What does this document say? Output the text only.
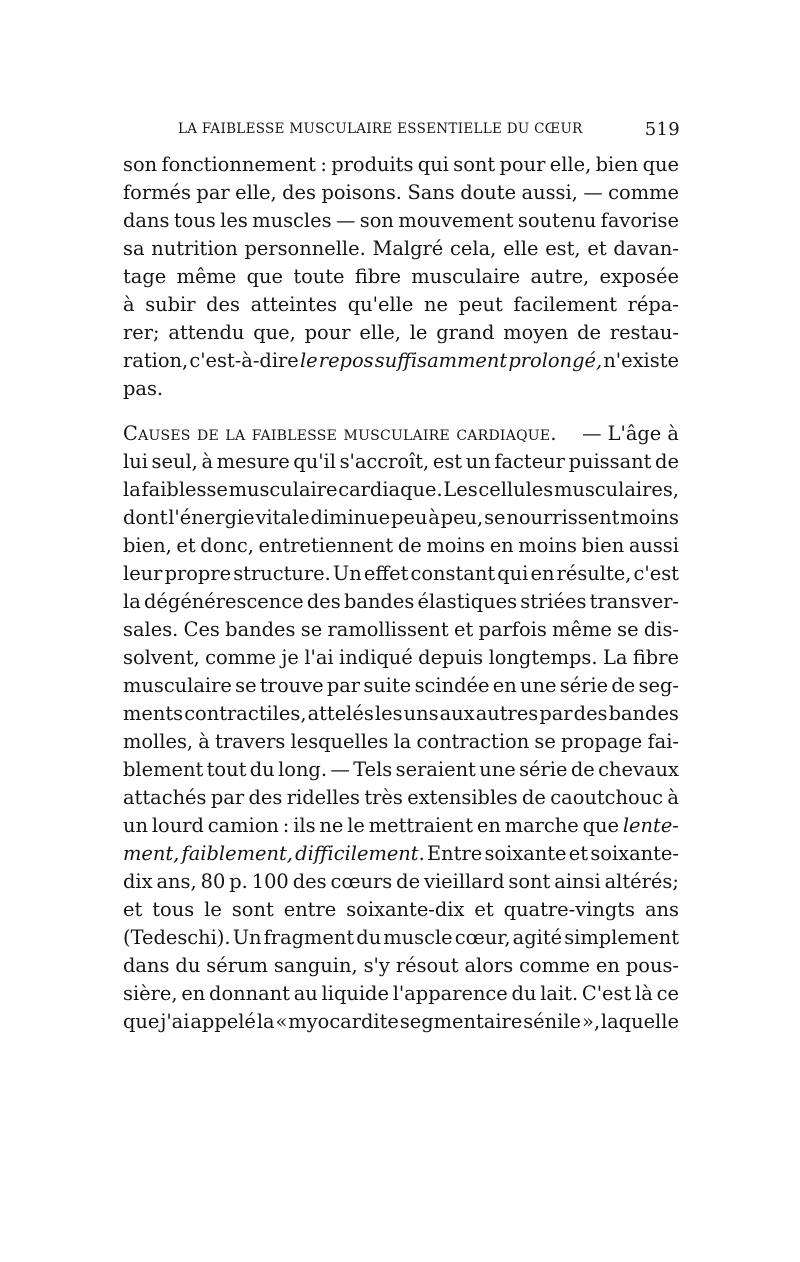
LA FAIBLESSE MUSCULAIRE ESSENTIELLE DU CŒUR	519
son fonctionnement : produits qui sont pour elle, bien que
formés par elle, des poisons. Sans doute aussi, — comme
dans tous les muscles — son mouvement soutenu favorise
sa nutrition personnelle. Malgré cela, elle est, et davan-
tage même que toute fibre musculaire autre, exposée
à subir des atteintes qu'elle ne peut facilement répa-
rer; attendu que, pour elle, le grand moyen de restau-
ration, c'est-à-dire le repos suffisamment prolongé, n'existe
pas.
Causes de la faiblesse musculaire cardiaque. — L'âge à
lui seul, à mesure qu'il s'accroît, est un facteur puissant de
la faiblesse musculaire cardiaque. Les cellules musculaires,
dont l'énergie vitale diminue peu à peu, se nourrissent moins
bien, et donc, entretiennent de moins en moins bien aussi
leur propre structure. Un effet constant qui en résulte, c'est
la dégénérescence des bandes élastiques striées transver-
sales. Ces bandes se ramollissent et parfois même se dis-
solvent, comme je l'ai indiqué depuis longtemps. La fibre
musculaire se trouve par suite scindée en une série de seg-
ments contractiles, attelés les uns aux autres par des bandes
molles, à travers lesquelles la contraction se propage fai-
blement tout du long. — Tels seraient une série de chevaux
attachés par des ridelles très extensibles de caoutchouc à
un lourd camion : ils ne le mettraient en marche que lente-
ment, faiblement, difficilement. Entre soixante et soixante-
dix ans, 80 p. 100 des cœurs de vieillard sont ainsi altérés;
et tous le sont entre soixante-dix et quatre-vingts ans
(Tedeschi). Un fragment du muscle cœur, agité simplement
dans du sérum sanguin, s'y résout alors comme en pous-
sière, en donnant au liquide l'apparence du lait. C'est là ce
que j'ai appelé la « myocardite segmentaire sénile », laquelle
